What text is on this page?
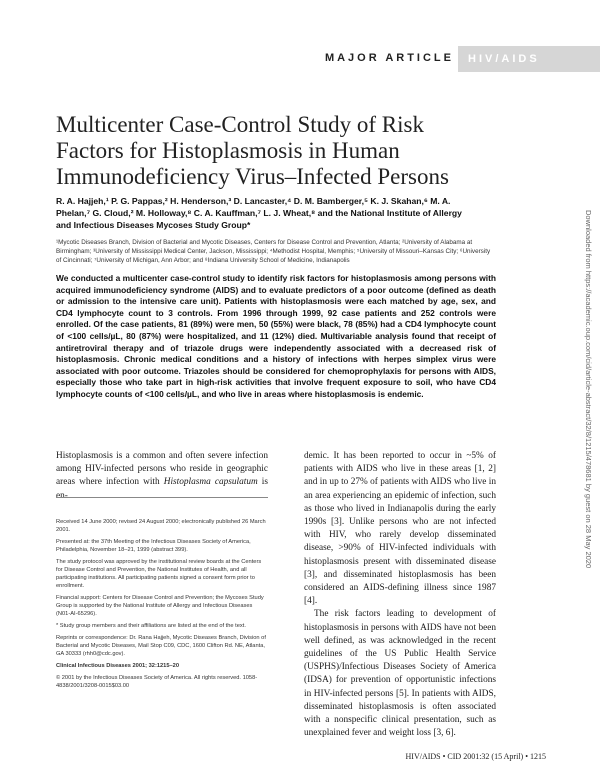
MAJOR ARTICLE	HIV/AIDS
Multicenter Case-Control Study of Risk Factors for Histoplasmosis in Human Immunodeficiency Virus–Infected Persons
R. A. Hajjeh,¹ P. G. Pappas,² H. Henderson,³ D. Lancaster,⁴ D. M. Bamberger,⁵ K. J. Skahan,⁶ M. A. Phelan,⁷ G. Cloud,² M. Holloway,⁸ C. A. Kauffman,⁷ L. J. Wheat,⁸ and the National Institute of Allergy and Infectious Diseases Mycoses Study Group*
¹Mycotic Diseases Branch, Division of Bacterial and Mycotic Diseases, Centers for Disease Control and Prevention, Atlanta; ²University of Alabama at Birmingham; ³University of Mississippi Medical Center, Jackson, Mississippi; ⁴Methodist Hospital, Memphis; ⁵University of Missouri–Kansas City; ⁶University of Cincinnati; ⁷University of Michigan, Ann Arbor; and ⁸Indiana University School of Medicine, Indianapolis
We conducted a multicenter case-control study to identify risk factors for histoplasmosis among persons with acquired immunodeficiency syndrome (AIDS) and to evaluate predictors of a poor outcome (defined as death or admission to the intensive care unit). Patients with histoplasmosis were each matched by age, sex, and CD4 lymphocyte count to 3 controls. From 1996 through 1999, 92 case patients and 252 controls were enrolled. Of the case patients, 81 (89%) were men, 50 (55%) were black, 78 (85%) had a CD4 lymphocyte count of <100 cells/µL, 80 (87%) were hospitalized, and 11 (12%) died. Multivariable analysis found that receipt of antiretroviral therapy and of triazole drugs were independently associated with a decreased risk of histoplasmosis. Chronic medical conditions and a history of infections with herpes simplex virus were associated with poor outcome. Triazoles should be considered for chemoprophylaxis for persons with AIDS, especially those who take part in high-risk activities that involve frequent exposure to soil, who have CD4 lymphocyte counts of <100 cells/µL, and who live in areas where histoplasmosis is endemic.
Histoplasmosis is a common and often severe infection among HIV-infected persons who reside in geographic areas where infection with Histoplasma capsulatum is en-

Received 14 June 2000; revised 24 August 2000; electronically published 26 March 2001.

Presented at: the 37th Meeting of the Infectious Diseases Society of America, Philadelphia, November 18–21, 1999 (abstract 399).

The study protocol was approved by the institutional review boards at the Centers for Disease Control and Prevention, the National Institutes of Health, and all participating institutions. All participating patients signed a consent form prior to enrollment.

Financial support: Centers for Disease Control and Prevention; the Mycoses Study Group is supported by the National Institute of Allergy and Infectious Diseases (N01-AI-65296).

* Study group members and their affiliations are listed at the end of the text.

Reprints or correspondence: Dr. Rana Hajjeh, Mycotic Diseases Branch, Division of Bacterial and Mycotic Diseases, Mail Stop C09, CDC, 1600 Clifton Rd. NE, Atlanta, GA 30333 (rhh0@cdc.gov).

Clinical Infectious Diseases 2001; 32:1215–20

© 2001 by the Infectious Diseases Society of America. All rights reserved. 1058-4838/2001/3208-0015$03.00

demic. It has been reported to occur in ~5% of patients with AIDS who live in these areas [1, 2] and in up to 27% of patients with AIDS who live in an area experiencing an epidemic of infection, such as those who lived in Indianapolis during the early 1990s [3]. Unlike persons who are not infected with HIV, who rarely develop disseminated disease, >90% of HIV-infected individuals with histoplasmosis present with disseminated disease [3], and disseminated histoplasmosis has been considered an AIDS-defining illness since 1987 [4].

The risk factors leading to development of histoplasmosis in persons with AIDS have not been well defined, as was acknowledged in the recent guidelines of the US Public Health Service (USPHS)/Infectious Diseases Society of America (IDSA) for prevention of opportunistic infections in HIV-infected persons [5]. In patients with AIDS, disseminated histoplasmosis is often associated with a nonspecific clinical presentation, such as unexplained fever and weight loss [3, 6].

HIV/AIDS • CID 2001:32 (15 April) • 1215
Downloaded from https://academic.oup.com/cid/article-abstract/32/8/1215/478681 by guest on 28 May 2020
